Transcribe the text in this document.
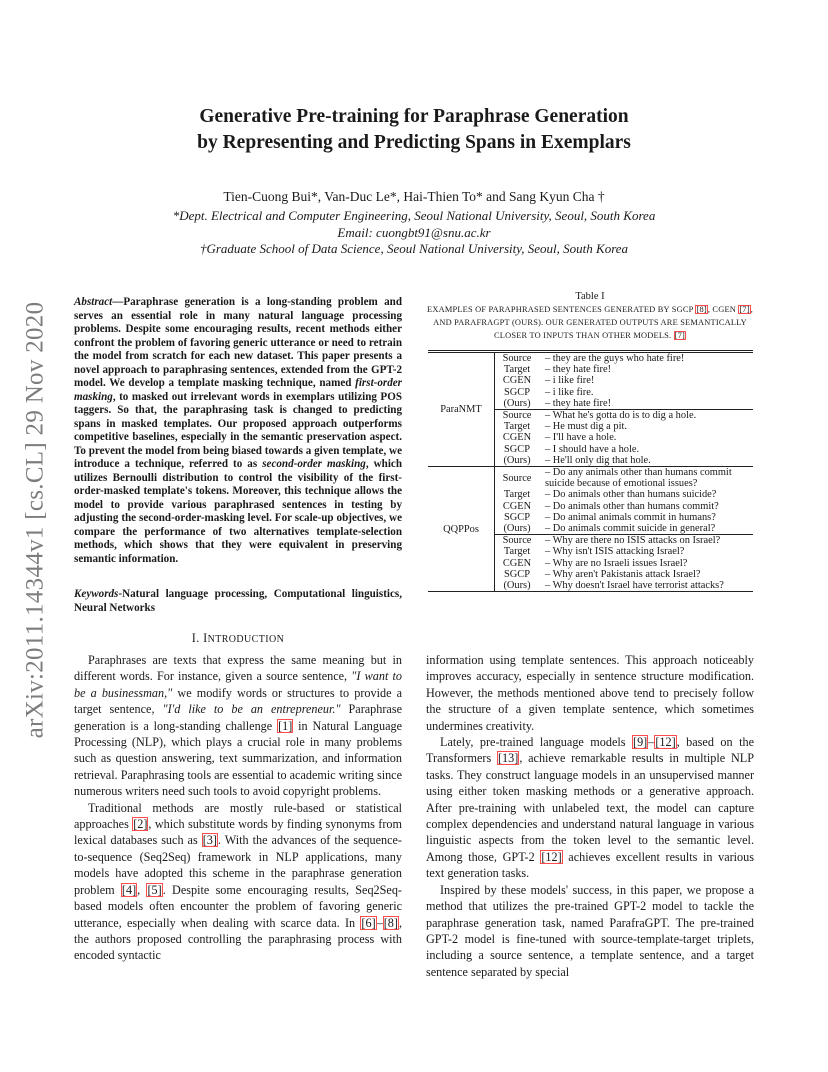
arXiv:2011.14344v1 [cs.CL] 29 Nov 2020
Generative Pre-training for Paraphrase Generation
by Representing and Predicting Spans in Exemplars
Tien-Cuong Bui*, Van-Duc Le*, Hai-Thien To* and Sang Kyun Cha †
*Dept. Electrical and Computer Engineering, Seoul National University, Seoul, South Korea
Email: cuongbt91@snu.ac.kr
†Graduate School of Data Science, Seoul National University, Seoul, South Korea
Abstract—Paraphrase generation is a long-standing problem and serves an essential role in many natural language processing problems. Despite some encouraging results, recent methods either confront the problem of favoring generic utterance or need to retrain the model from scratch for each new dataset. This paper presents a novel approach to paraphrasing sentences, extended from the GPT-2 model. We develop a template masking technique, named first-order masking, to masked out irrelevant words in exemplars utilizing POS taggers. So that, the paraphrasing task is changed to predicting spans in masked templates. Our proposed approach outperforms competitive baselines, especially in the semantic preservation aspect. To prevent the model from being biased towards a given template, we introduce a technique, referred to as second-order masking, which utilizes Bernoulli distribution to control the visibility of the first-order-masked template's tokens. Moreover, this technique allows the model to provide various paraphrased sentences in testing by adjusting the second-order-masking level. For scale-up objectives, we compare the performance of two alternatives template-selection methods, which shows that they were equivalent in preserving semantic information.
Keywords-Natural language processing, Computational linguistics, Neural Networks
I. INTRODUCTION

Paraphrases are texts that express the same meaning but in different words. For instance, given a source sentence, "I want to be a businessman," we modify words or structures to provide a target sentence, "I'd like to be an entrepreneur." Paraphrase generation is a long-standing challenge [1] in Natural Language Processing (NLP), which plays a crucial role in many problems such as question answering, text summarization, and information retrieval. Paraphrasing tools are essential to academic writing since numerous writers need such tools to avoid copyright problems.

Traditional methods are mostly rule-based or statistical approaches [2], which substitute words by finding synonyms from lexical databases such as [3]. With the advances of the sequence-to-sequence (Seq2Seq) framework in NLP applications, many models have adopted this scheme in the paraphrase generation problem [4], [5]. Despite some encouraging results, Seq2Seq-based models often encounter the problem of favoring generic utterance, especially when dealing with scarce data. In [6]–[8], the authors proposed controlling the paraphrasing process with encoded syntactic

Table I
EXAMPLES OF PARAPHRASED SENTENCES GENERATED BY SGCP [8], CGEN [7], AND PARAFRAGPT (OURS). OUR GENERATED OUTPUTS ARE SEMANTICALLY CLOSER TO INPUTS THAN OTHER MODELS. [7]
ParaNMT	Source	– they are the guys who hate fire!
	Target	– they hate fire!
	CGEN	– i like fire!
	SGCP	– i like fire.
	(Ours)	– they hate fire!
	Source	– What he's gotta do is to dig a hole.
	Target	– He must dig a pit.
	CGEN	– I'll have a hole.
	SGCP	– I should have a hole.
	(Ours)	– He'll only dig that hole.
QQPPos	Source	– Do any animals other than humans commit suicide because of emotional issues?
	Target	– Do animals other than humans suicide?
	CGEN	– Do animals other than humans commit?
	SGCP	– Do animal animals commit in humans?
	(Ours)	– Do animals commit suicide in general?
	Source	– Why are there no ISIS attacks on Israel?
	Target	– Why isn't ISIS attacking Israel?
	CGEN	– Why are no Israeli issues Israel?
	SGCP	– Why aren't Pakistanis attack Israel?
	(Ours)	– Why doesn't Israel have terrorist attacks?

information using template sentences. This approach noticeably improves accuracy, especially in sentence structure modification. However, the methods mentioned above tend to precisely follow the structure of a given template sentence, which sometimes undermines creativity.

Lately, pre-trained language models [9]–[12], based on the Transformers [13], achieve remarkable results in multiple NLP tasks. They construct language models in an unsupervised manner using either token masking methods or a generative approach. After pre-training with unlabeled text, the model can capture complex dependencies and understand natural language in various linguistic aspects from the token level to the semantic level. Among those, GPT-2 [12] achieves excellent results in various text generation tasks.

Inspired by these models' success, in this paper, we propose a method that utilizes the pre-trained GPT-2 model to tackle the paraphrase generation task, named ParafraGPT. The pre-trained GPT-2 model is fine-tuned with source-template-target triplets, including a source sentence, a template sentence, and a target sentence separated by special
